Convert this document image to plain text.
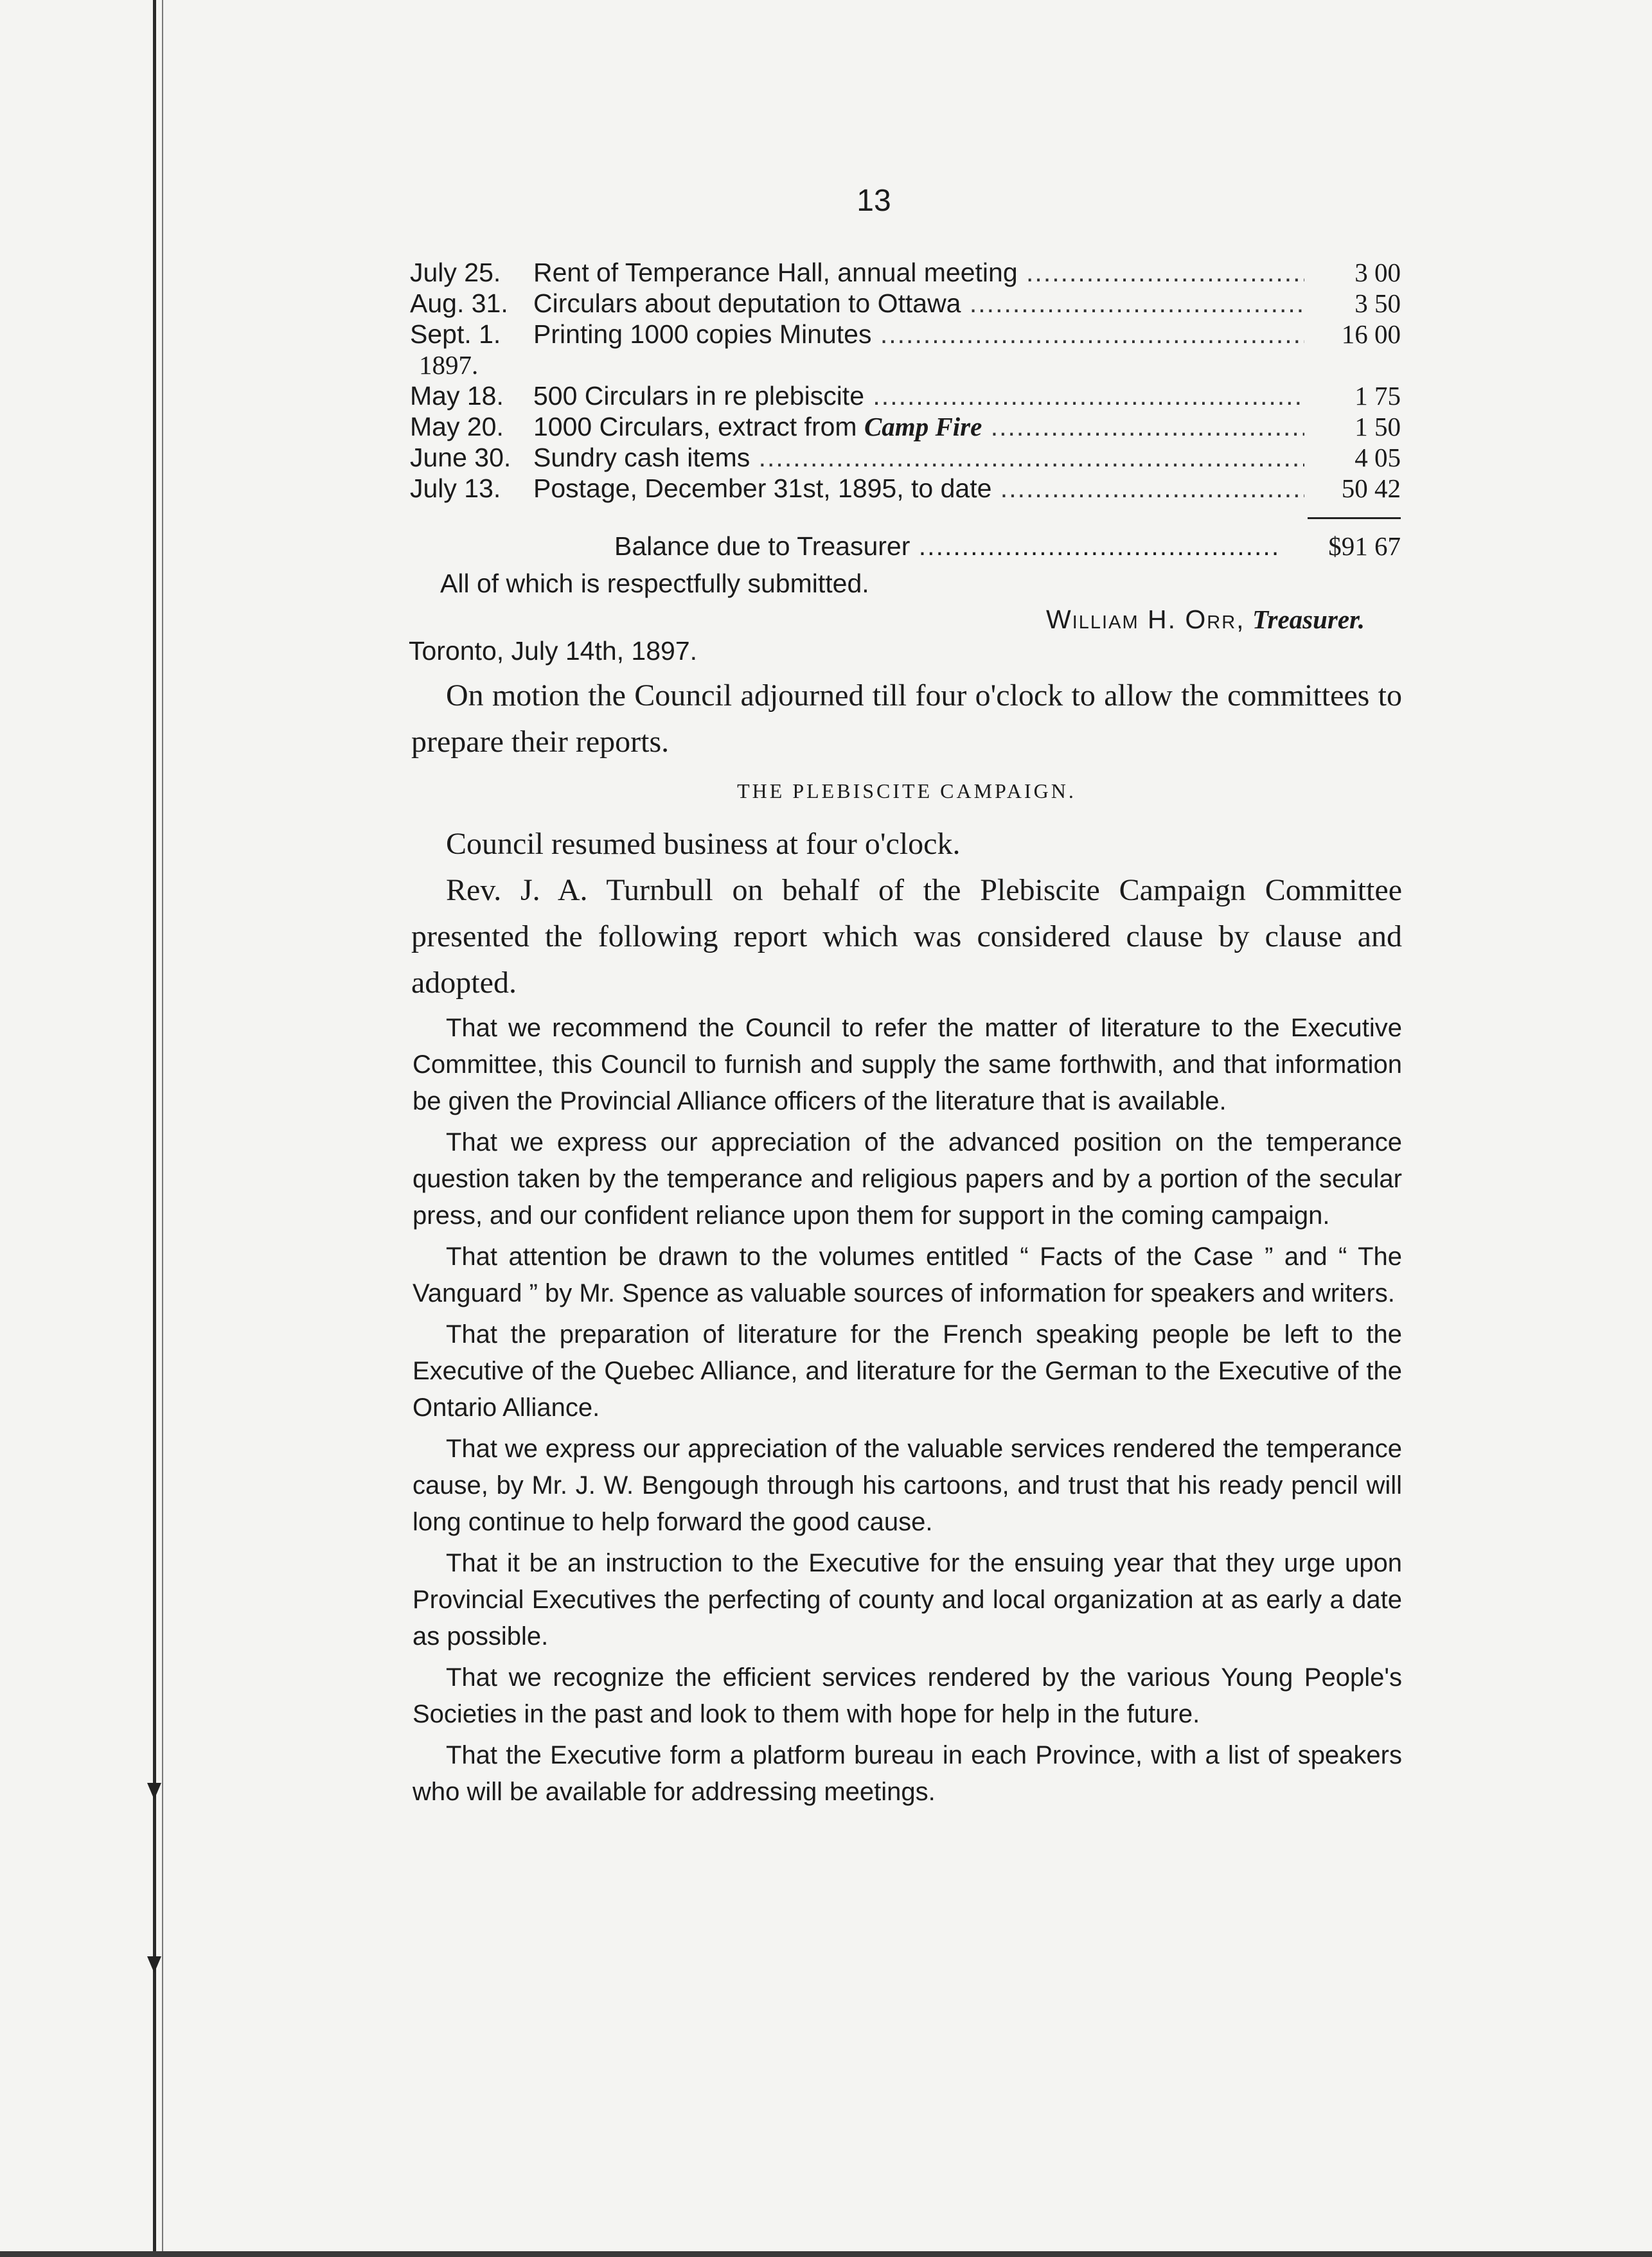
13
July 25. Rent of Temperance Hall, annual meeting .....	3 00
Aug. 31. Circulars about deputation to Ottawa .....	3 50
Sept. 1. Printing 1000 copies Minutes .....	16 00
1897.
May 18. 500 Circulars in re plebiscite .....	1 75
May 20. 1000 Circulars, extract from Camp Fire .....	1 50
June 30. Sundry cash items .....	4 05
July 13. Postage, December 31st, 1895, to date .....	50 42
Balance due to Treasurer .....	$91 67
All of which is respectfully submitted.
William H. Orr, Treasurer.
Toronto, July 14th, 1897.

On motion the Council adjourned till four o'clock to allow the committees to prepare their reports.

THE PLEBISCITE CAMPAIGN.

Council resumed business at four o'clock.

Rev. J. A. Turnbull on behalf of the Plebiscite Campaign Committee presented the following report which was considered clause by clause and adopted.

That we recommend the Council to refer the matter of literature to the Executive Committee, this Council to furnish and supply the same forthwith, and that information be given the Provincial Alliance officers of the literature that is available.

That we express our appreciation of the advanced position on the temperance question taken by the temperance and religious papers and by a portion of the secular press, and our confident reliance upon them for support in the coming campaign.

That attention be drawn to the volumes entitled “ Facts of the Case ” and “ The Vanguard ” by Mr. Spence as valuable sources of information for speakers and writers.

That the preparation of literature for the French speaking people be left to the Executive of the Quebec Alliance, and literature for the German to the Executive of the Ontario Alliance.

That we express our appreciation of the valuable services rendered the temperance cause, by Mr. J. W. Bengough through his cartoons, and trust that his ready pencil will long continue to help forward the good cause.

That it be an instruction to the Executive for the ensuing year that they urge upon Provincial Executives the perfecting of county and local organization at as early a date as possible.

That we recognize the efficient services rendered by the various Young People's Societies in the past and look to them with hope for help in the future.

That the Executive form a platform bureau in each Province, with a list of speakers who will be available for addressing meetings.
